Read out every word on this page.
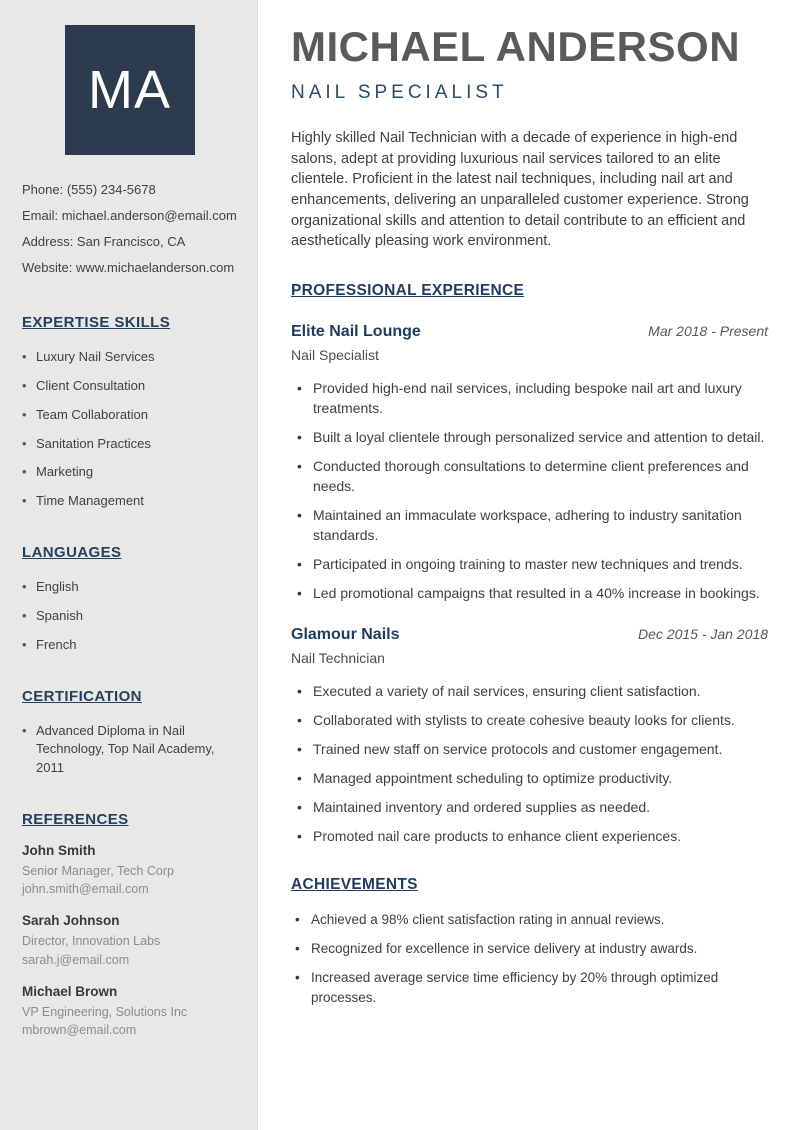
MA
Phone: (555) 234-5678
Email: michael.anderson@email.com
Address: San Francisco, CA
Website: www.michaelanderson.com
EXPERTISE SKILLS
• Luxury Nail Services
• Client Consultation
• Team Collaboration
• Sanitation Practices
• Marketing
• Time Management
LANGUAGES
• English
• Spanish
• French
CERTIFICATION
• Advanced Diploma in Nail Technology, Top Nail Academy, 2011
REFERENCES
John Smith
Senior Manager, Tech Corp
john.smith@email.com
Sarah Johnson
Director, Innovation Labs
sarah.j@email.com
Michael Brown
VP Engineering, Solutions Inc
mbrown@email.com
MICHAEL ANDERSON
NAIL SPECIALIST

Highly skilled Nail Technician with a decade of experience in high-end salons, adept at providing luxurious nail services tailored to an elite clientele. Proficient in the latest nail techniques, including nail art and enhancements, delivering an unparalleled customer experience. Strong organizational skills and attention to detail contribute to an efficient and aesthetically pleasing work environment.

PROFESSIONAL EXPERIENCE
Elite Nail Lounge	Mar 2018 - Present
Nail Specialist
• Provided high-end nail services, including bespoke nail art and luxury treatments.
• Built a loyal clientele through personalized service and attention to detail.
• Conducted thorough consultations to determine client preferences and needs.
• Maintained an immaculate workspace, adhering to industry sanitation standards.
• Participated in ongoing training to master new techniques and trends.
• Led promotional campaigns that resulted in a 40% increase in bookings.
Glamour Nails	Dec 2015 - Jan 2018
Nail Technician
• Executed a variety of nail services, ensuring client satisfaction.
• Collaborated with stylists to create cohesive beauty looks for clients.
• Trained new staff on service protocols and customer engagement.
• Managed appointment scheduling to optimize productivity.
• Maintained inventory and ordered supplies as needed.
• Promoted nail care products to enhance client experiences.
ACHIEVEMENTS
• Achieved a 98% client satisfaction rating in annual reviews.
• Recognized for excellence in service delivery at industry awards.
• Increased average service time efficiency by 20% through optimized processes.
